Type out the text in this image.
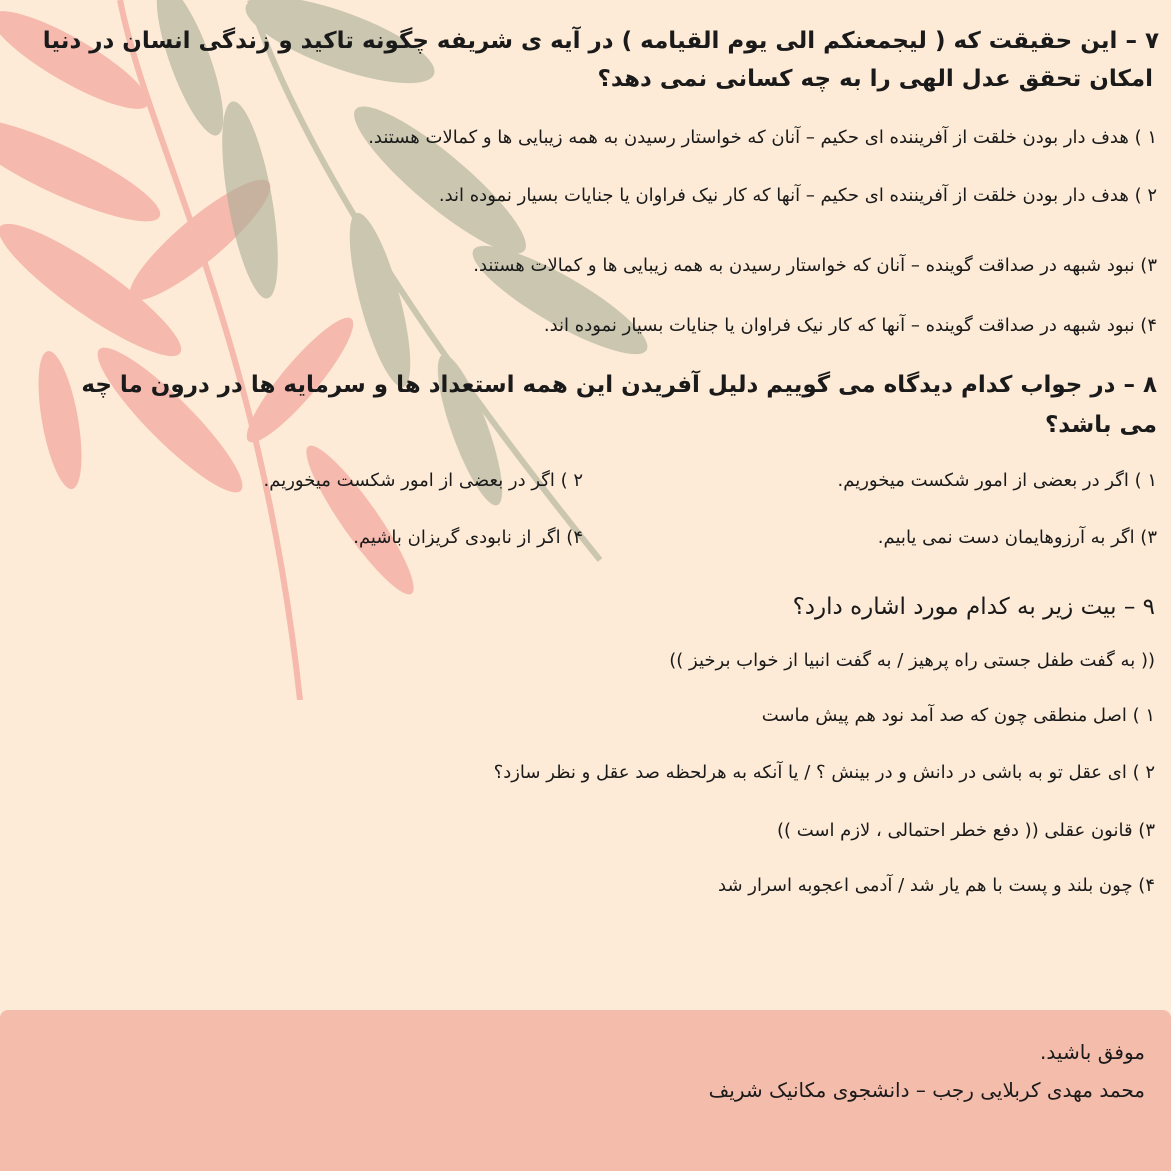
۷ – این حقیقت که ( لیجمعنکم الی یوم القیامه ) در آیه ی شریفه چگونه تاکید و زندگی انسان در دنیا
امکان تحقق عدل الهی را به چه کسانی نمی دهد؟
۱ ) هدف دار بودن خلقت از آفریننده ای حکیم – آنان که خواستار رسیدن به همه زیبایی ها و کمالات هستند.
۲ ) هدف دار بودن خلقت از آفریننده ای حکیم – آنها که کار نیک فراوان یا جنایات بسیار نموده اند.
۳) نبود شبهه در صداقت گوینده – آنان که خواستار رسیدن به همه زیبایی ها و کمالات هستند.
۴) نبود شبهه در صداقت گوینده – آنها که کار نیک فراوان یا جنایات بسیار نموده اند.
۸ – در جواب کدام دیدگاه می گوییم دلیل آفریدن این همه استعداد ها و سرمایه ها در درون ما چه
می باشد؟
۱ ) اگر در بعضی از امور شکست میخوریم.
۲ ) اگر در بعضی از امور شکست میخوریم.
۳) اگر به آرزوهایمان دست نمی یابیم.
۴) اگر از نابودی گریزان باشیم.
۹ – بیت زیر به کدام مورد اشاره دارد؟
(( به گفت طفل جستی راه پرهیز / به گفت انبیا از خواب برخیز ))
۱ ) اصل منطقی چون که صد آمد نود هم پیش ماست
۲ ) ای عقل تو به باشی در دانش و در بینش ؟ / یا آنکه به هرلحظه صد عقل و نظر سازد؟
۳) قانون عقلی (( دفع خطر احتمالی ، لازم است ))
۴) چون بلند و پست با هم یار شد / آدمی اعجوبه اسرار شد
موفق باشید.
محمد مهدی کربلایی رجب – دانشجوی مکانیک شریف
